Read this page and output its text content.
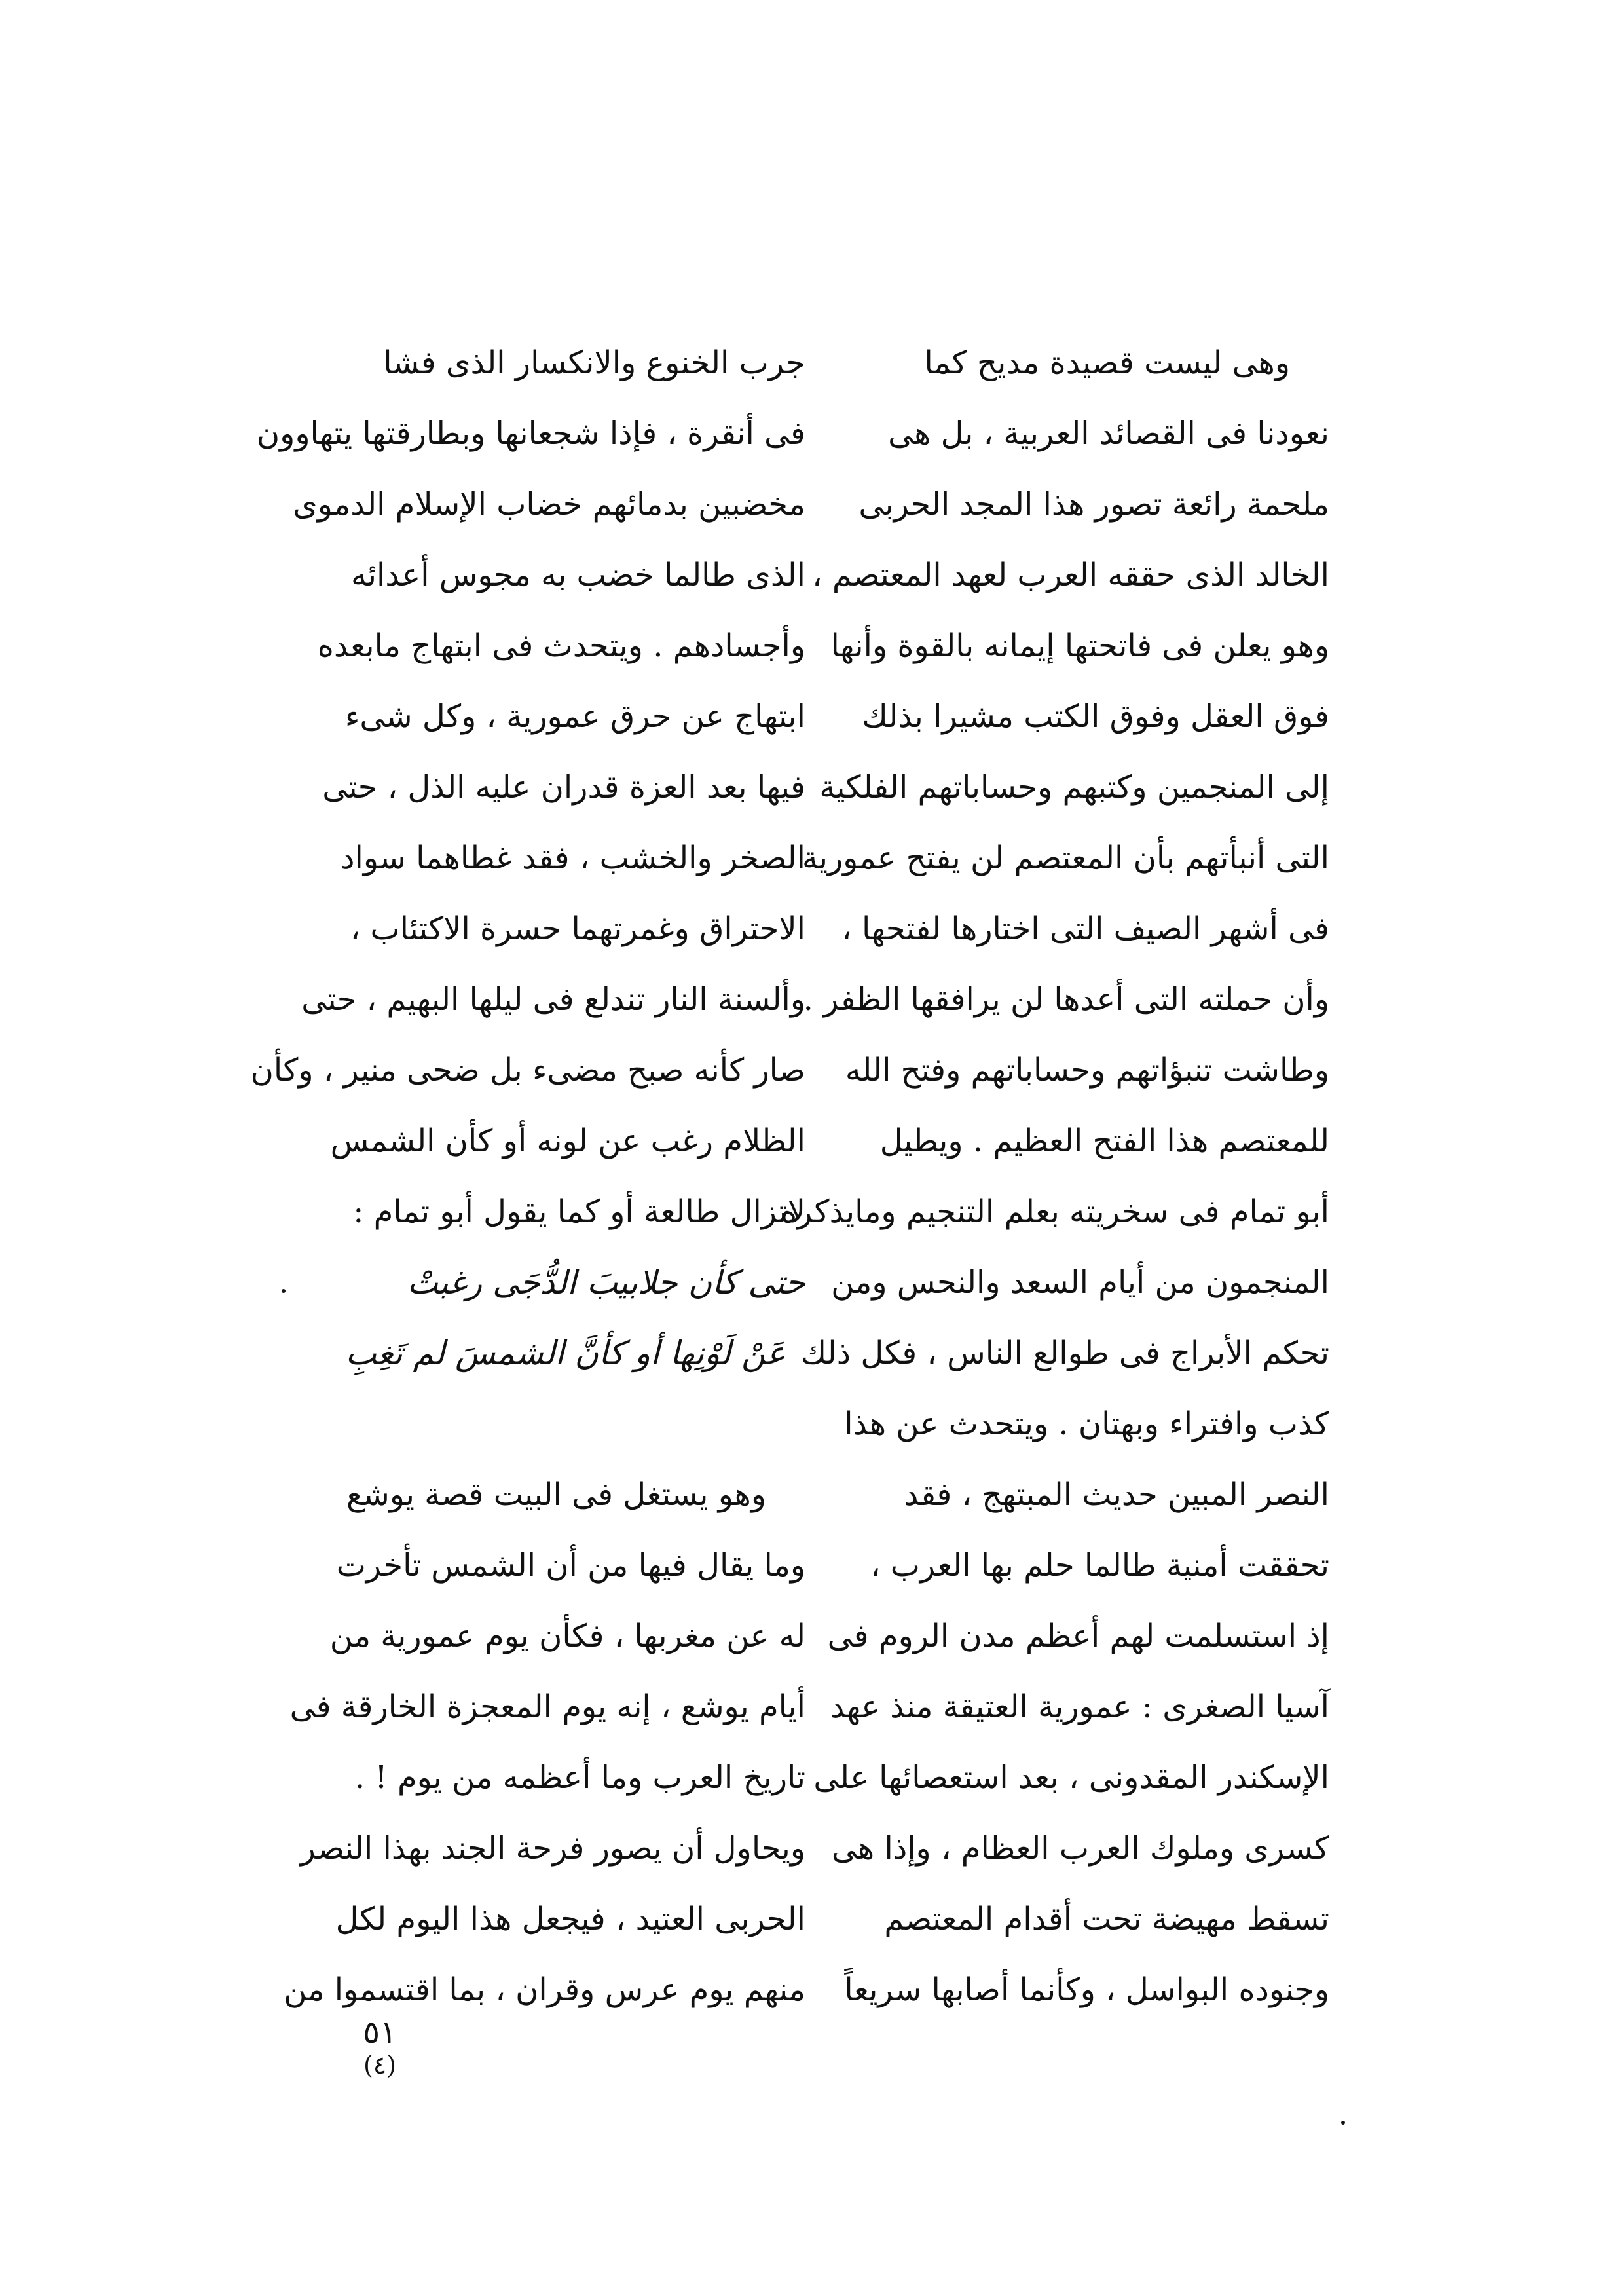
وهى ليست قصيدة مديح كما
نعودنا فى القصائد العربية ، بل هى
ملحمة رائعة تصور هذا المجد الحربى
الخالد الذى حققه العرب لعهد المعتصم ،
وهو يعلن فى فاتحتها إيمانه بالقوة وأنها
فوق العقل وفوق الكتب مشيرا بذلك
إلى المنجمين وكتبهم وحساباتهم الفلكية
التى أنبأتهم بأن المعتصم لن يفتح عمورية
فى أشهر الصيف التى اختارها لفتحها ،
وأن حملته التى أعدها لن يرافقها الظفر .
وطاشت تنبؤاتهم وحساباتهم وفتح الله
للمعتصم هذا الفتح العظيم . ويطيل
أبو تمام فى سخريته بعلم التنجيم ومايذكره
المنجمون من أيام السعد والنحس ومن
تحكم الأبراج فى طوالع الناس ، فكل ذلك
كذب وافتراء وبهتان . ويتحدث عن هذا
النصر المبين حديث المبتهج ، فقد
تحققت أمنية طالما حلم بها العرب ،
إذ استسلمت لهم أعظم مدن الروم فى
آسيا الصغرى : عمورية العتيقة منذ عهد
الإسكندر المقدونى ، بعد استعصائها على
كسرى وملوك العرب العظام ، وإذا هى
تسقط مهيضة تحت أقدام المعتصم
وجنوده البواسل ، وكأنما أصابها سريعاً
جرب الخنوع والانكسار الذى فشا
فى أنقرة ، فإذا شجعانها وبطارقتها يتهاوون
مخضبين بدمائهم خضاب الإسلام الدموى
الذى طالما خضب به مجوس أعدائه
وأجسادهم . ويتحدث فى ابتهاج مابعده
ابتهاج عن حرق عمورية ، وكل شىء
فيها بعد العزة قدران عليه الذل ، حتى
الصخر والخشب ، فقد غطاهما سواد
الاحتراق وغمرتهما حسرة الاكتئاب ،
وألسنة النار تندلع فى ليلها البهيم ، حتى
صار كأنه صبح مضىء بل ضحى منير ، وكأن
الظلام رغب عن لونه أو كأن الشمس
لاتزال طالعة أو كما يقول أبو تمام :
حتى كأن جلابيبَ الدُّجَى رغبتْ
عَنْ لَوْنِها أو كأنَّ الشمسَ لم تَغِبِ
وهو يستغل فى البيت قصة يوشع
وما يقال فيها من أن الشمس تأخرت
له عن مغربها ، فكأن يوم عمورية من
أيام يوشع ، إنه يوم المعجزة الخارقة فى
تاريخ العرب وما أعظمه من يوم ! .
ويحاول أن يصور فرحة الجند بهذا النصر
الحربى العتيد ، فيجعل هذا اليوم لكل
منهم يوم عرس وقران ، بما اقتسموا من
٥١
(٤)
